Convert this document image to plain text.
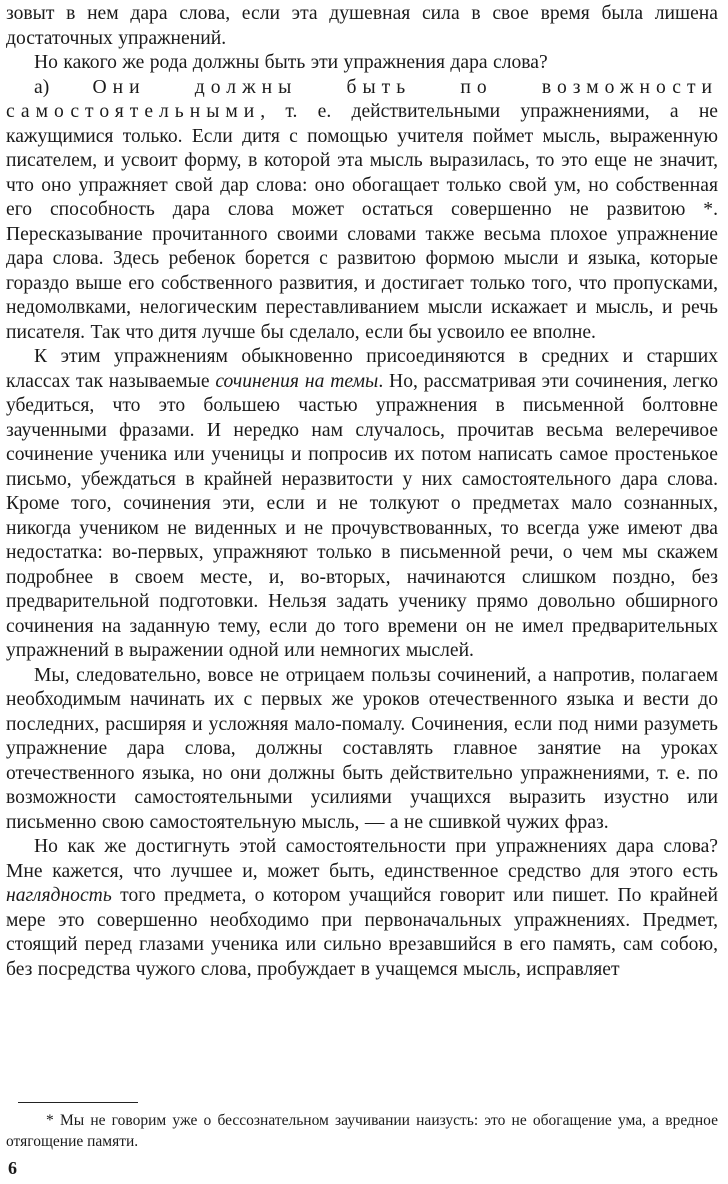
зовыт в нем дара слова, если эта душевная сила в свое время была лишена достаточных упражнений.

Но какого же рода должны быть эти упражнения дара слова?

а) Они должны быть по возможности самостоятельными, т. е. действительными упражнениями, а не кажущимися только. Если дитя с помощью учителя поймет мысль, выраженную писателем, и усвоит форму, в которой эта мысль выразилась, то это еще не значит, что оно упражняет свой дар слова: оно обогащает только свой ум, но собственная его способность дара слова может остаться совершенно не развитою *. Пересказывание прочитанного своими словами также весьма плохое упражнение дара слова. Здесь ребенок борется с развитою формою мысли и языка, которые гораздо выше его собственного развития, и достигает только того, что пропусками, недомолвками, нелогическим переставливанием мысли искажает и мысль, и речь писателя. Так что дитя лучше бы сделало, если бы усвоило ее вполне.

К этим упражнениям обыкновенно присоединяются в средних и старших классах так называемые сочинения на темы. Но, рассматривая эти сочинения, легко убедиться, что это большею частью упражнения в письменной болтовне заученными фразами. И нередко нам случалось, прочитав весьма велеречивое сочинение ученика или ученицы и попросив их потом написать самое простенькое письмо, убеждаться в крайней неразвитости у них самостоятельного дара слова. Кроме того, сочинения эти, если и не толкуют о предметах мало сознанных, никогда учеником не виденных и не прочувствованных, то всегда уже имеют два недостатка: во-первых, упражняют только в письменной речи, о чем мы скажем подробнее в своем месте, и, во-вторых, начинаются слишком поздно, без предварительной подготовки. Нельзя задать ученику прямо довольно обширного сочинения на заданную тему, если до того времени он не имел предварительных упражнений в выражении одной или немногих мыслей.

Мы, следовательно, вовсе не отрицаем пользы сочинений, а напротив, полагаем необходимым начинать их с первых же уроков отечественного языка и вести до последних, расширяя и усложняя мало-помалу. Сочинения, если под ними разуметь упражнение дара слова, должны составлять главное занятие на уроках отечественного языка, но они должны быть действительно упражнениями, т. е. по возможности самостоятельными усилиями учащихся выразить изустно или письменно свою самостоятельную мысль, — а не сшивкой чужих фраз.

Но как же достигнуть этой самостоятельности при упражнениях дара слова? Мне кажется, что лучшее и, может быть, единственное средство для этого есть наглядность того предмета, о котором учащийся говорит или пишет. По крайней мере это совершенно необходимо при первоначальных упражнениях. Предмет, стоящий перед глазами ученика или сильно врезавшийся в его память, сам собою, без посредства чужого слова, пробуждает в учащемся мысль, исправляет

* Мы не говорим уже о бессознательном заучивании наизусть: это не обогащение ума, а вредное отягощение памяти.

6
